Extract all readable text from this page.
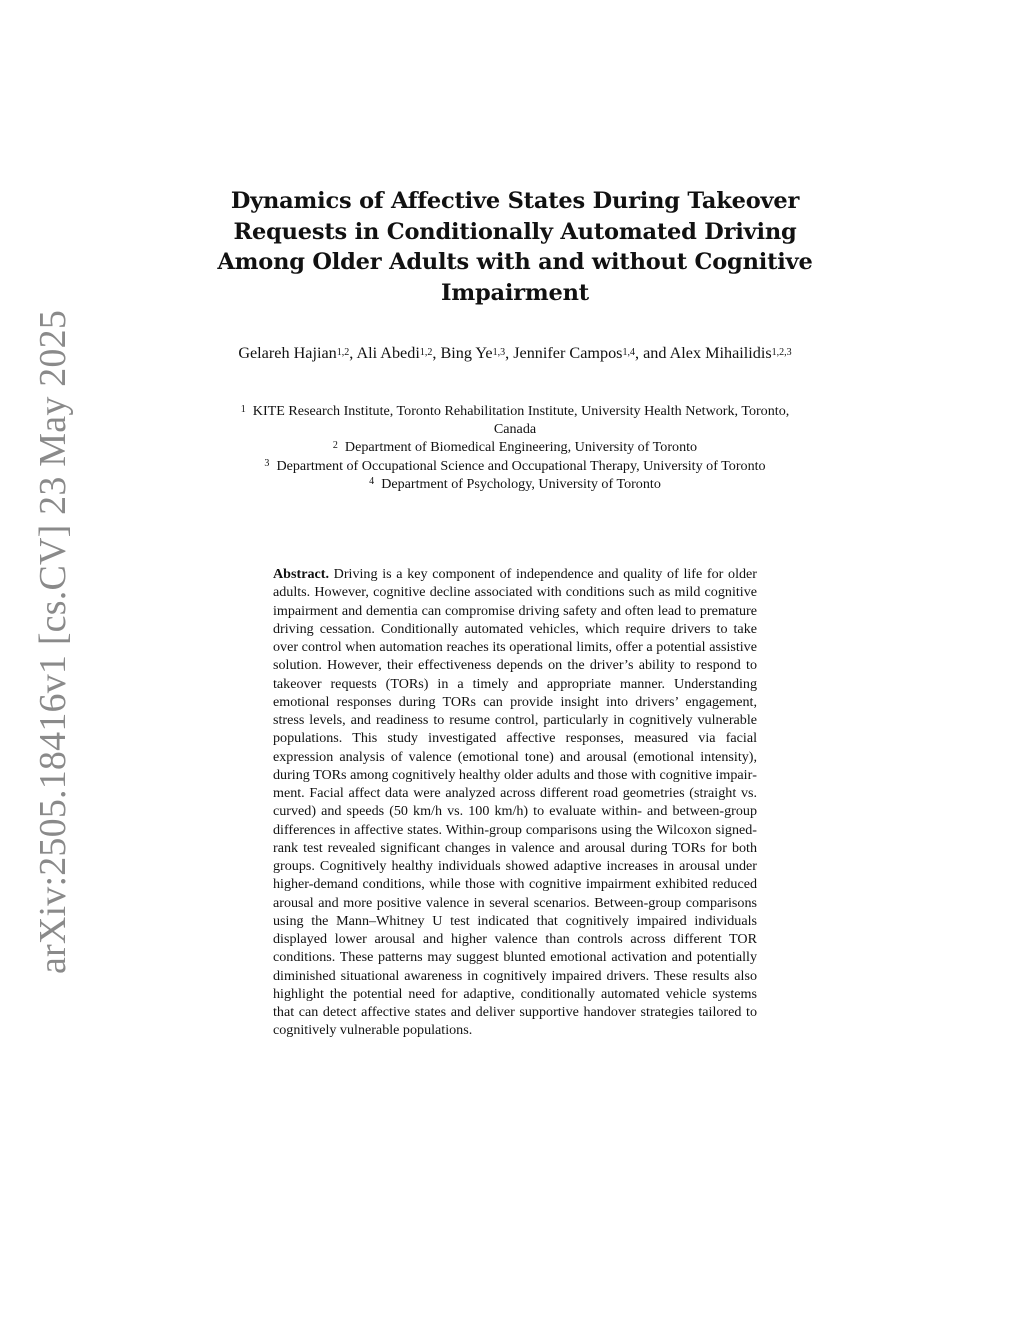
arXiv:2505.18416v1 [cs.CV] 23 May 2025
Dynamics of Affective States During Takeover Requests in Conditionally Automated Driving Among Older Adults with and without Cognitive Impairment
Gelareh Hajian$^{1,2}$, Ali Abedi$^{1,2}$, Bing Ye$^{1,3}$, Jennifer Campos$^{1,4}$, and Alex Mihailidis$^{1,2,3}$

$^1$ KITE Research Institute, Toronto Rehabilitation Institute, University Health Network, Toronto, Canada

$^2$ Department of Biomedical Engineering, University of Toronto

$^3$ Department of Occupational Science and Occupational Therapy, University of Toronto

$^4$ Department of Psychology, University of Toronto

Abstract. Driving is a key component of independence and quality of life for older adults. However, cognitive decline associated with conditions such as mild cognitive impairment and dementia can compromise driving safety and often lead to premature driving cessation. Conditionally automated vehicles, which require drivers to take over control when automation reaches its operational limits, offer a potential assistive solution. However, their effectiveness depends on the driver’s ability to respond to takeover requests (TORs) in a timely and appropriate manner. Understanding emotional responses during TORs can provide insight into drivers’ engagement, stress levels, and readiness to resume control, particularly in cognitively vulnerable populations. This study investigated affective responses, measured via facial expression analysis of valence (emotional tone) and arousal (emotional intensity), during TORs among cognitively healthy older adults and those with cognitive impairment. Facial affect data were analyzed across different road geometries (straight vs. curved) and speeds (50 km/h vs. 100 km/h) to evaluate within- and between-group differences in affective states. Within-group comparisons using the Wilcoxon signed-rank test revealed significant changes in valence and arousal during TORs for both groups. Cognitively healthy individuals showed adaptive increases in arousal under higher-demand conditions, while those with cognitive impairment exhibited reduced arousal and more positive valence in several scenarios. Between-group comparisons using the Mann–Whitney U test indicated that cognitively impaired individuals displayed lower arousal and higher valence than controls across different TOR conditions. These patterns may suggest blunted emotional activation and potentially diminished situational awareness in cognitively impaired drivers. These results also highlight the potential need for adaptive, conditionally automated vehicle systems that can detect affective states and deliver supportive handover strategies tailored to cognitively vulnerable populations.
